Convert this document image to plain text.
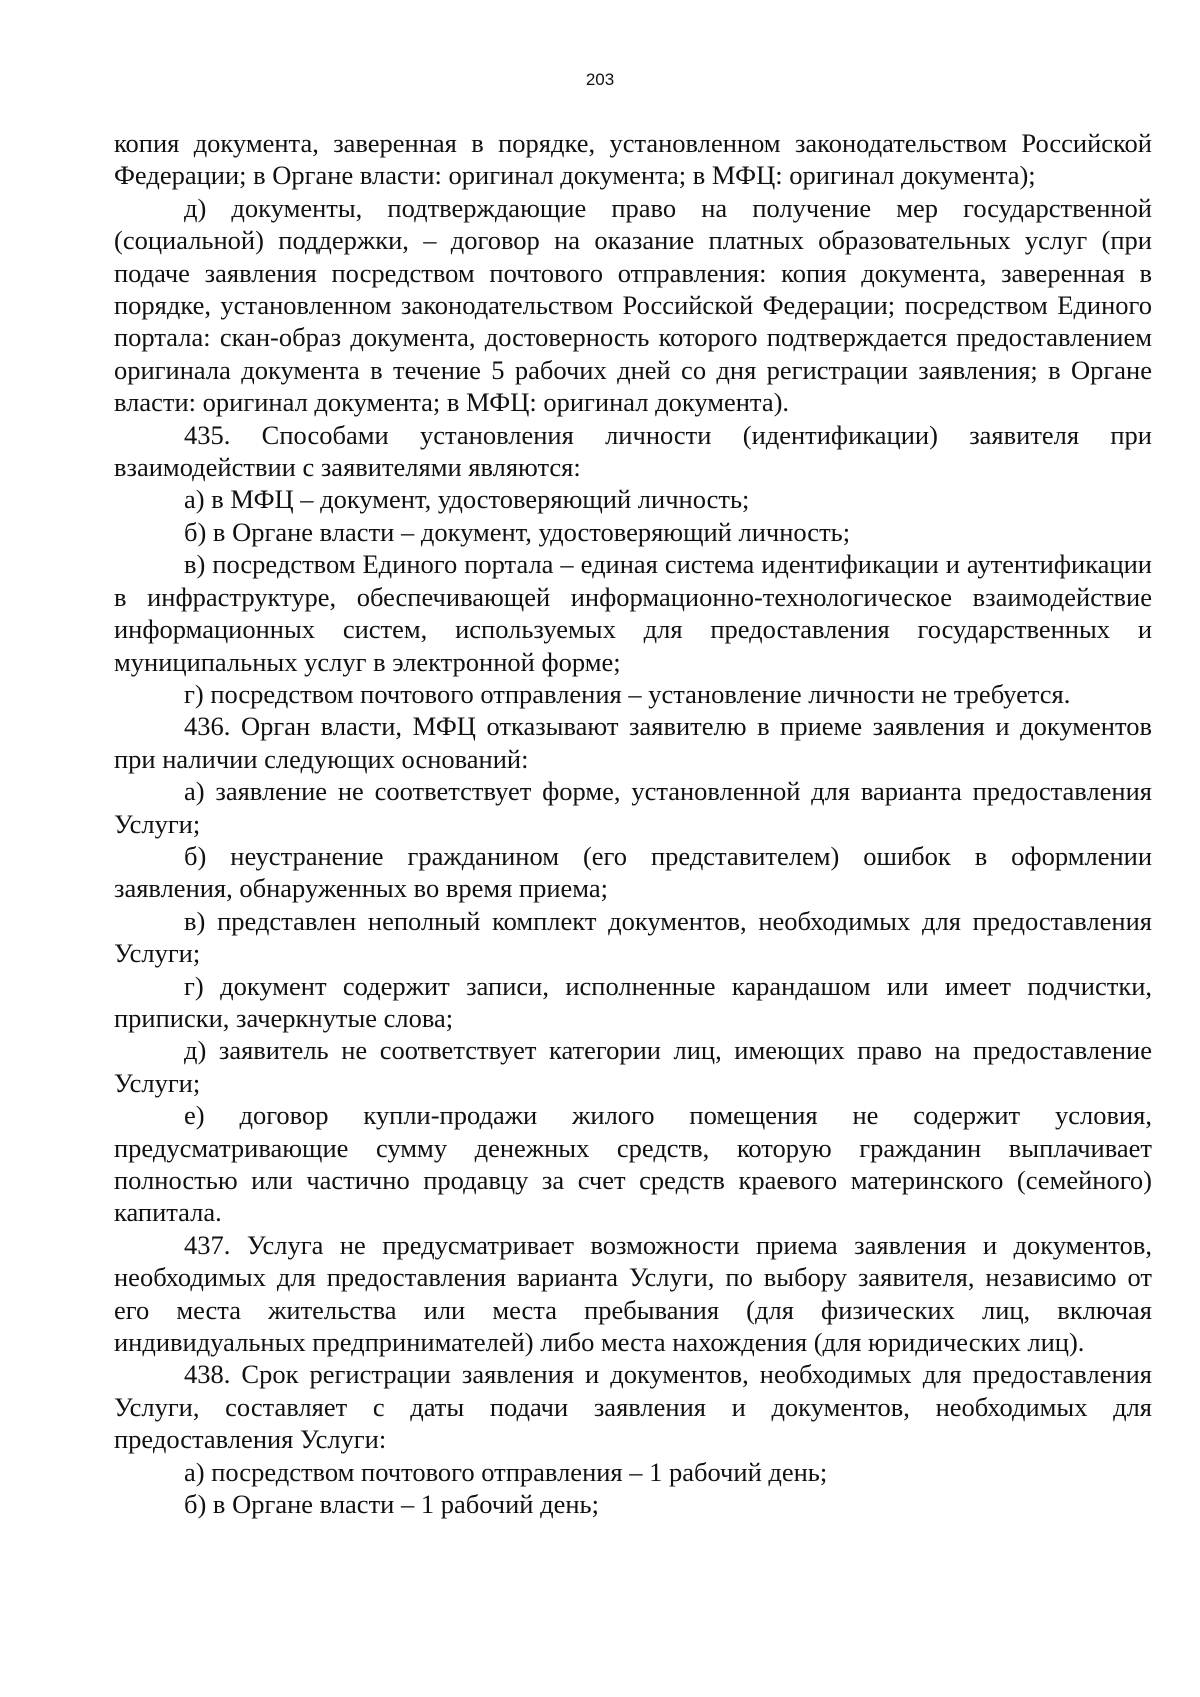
203

копия документа, заверенная в порядке, установленном законодательством Российской Федерации; в Органе власти: оригинал документа; в МФЦ: оригинал документа);

д) документы, подтверждающие право на получение мер государственной (социальной) поддержки, – договор на оказание платных образовательных услуг (при подаче заявления посредством почтового отправления: копия документа, заверенная в порядке, установленном законодательством Российской Федерации; посредством Единого портала: скан-образ документа, достоверность которого подтверждается предоставлением оригинала документа в течение 5 рабочих дней со дня регистрации заявления; в Органе власти: оригинал документа; в МФЦ: оригинал документа).

435. Способами установления личности (идентификации) заявителя при взаимодействии с заявителями являются:

а) в МФЦ – документ, удостоверяющий личность;

б) в Органе власти – документ, удостоверяющий личность;

в) посредством Единого портала – единая система идентификации и аутентификации в инфраструктуре, обеспечивающей информационно-технологическое взаимодействие информационных систем, используемых для предоставления государственных и муниципальных услуг в электронной форме;

г) посредством почтового отправления – установление личности не требуется.

436. Орган власти, МФЦ отказывают заявителю в приеме заявления и документов при наличии следующих оснований:

а) заявление не соответствует форме, установленной для варианта предоставления Услуги;

б) неустранение гражданином (его представителем) ошибок в оформлении заявления, обнаруженных во время приема;

в) представлен неполный комплект документов, необходимых для предоставления Услуги;

г) документ содержит записи, исполненные карандашом или имеет подчистки, приписки, зачеркнутые слова;

д) заявитель не соответствует категории лиц, имеющих право на предоставление Услуги;

е) договор купли-продажи жилого помещения не содержит условия, предусматривающие сумму денежных средств, которую гражданин выплачивает полностью или частично продавцу за счет средств краевого материнского (семейного) капитала.

437. Услуга не предусматривает возможности приема заявления и документов, необходимых для предоставления варианта Услуги, по выбору заявителя, независимо от его места жительства или места пребывания (для физических лиц, включая индивидуальных предпринимателей) либо места нахождения (для юридических лиц).

438. Срок регистрации заявления и документов, необходимых для предоставления Услуги, составляет с даты подачи заявления и документов, необходимых для предоставления Услуги:

а) посредством почтового отправления – 1 рабочий день;

б) в Органе власти – 1 рабочий день;
